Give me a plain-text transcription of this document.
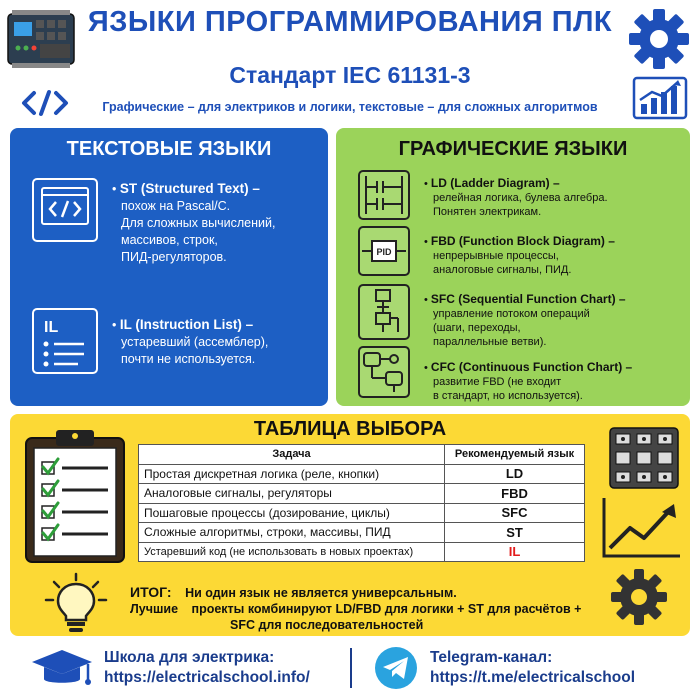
ЯЗЫКИ ПРОГРАММИРОВАНИЯ ПЛК
Стандарт IEC 61131-3
Графические – для электриков и логики, текстовые – для сложных алгоритмов
ТЕКСТОВЫЕ ЯЗЫКИ
• ST (Structured Text) –
похож на Pascal/C.
Для сложных вычислений,
массивов, строк,
ПИД-регуляторов.
IL	• IL (Instruction List) –
устаревший (ассемблер),
почти не используется.
ГРАФИЧЕСКИЕ ЯЗЫКИ
• LD (Ladder Diagram) –
релейная логика, булева алгебра.
Понятен электрикам.
PID
• FBD (Function Block Diagram) –
непрерывные процессы,
аналоговые сигналы, ПИД.
• SFC (Sequential Function Chart) –
управление потоком операций
(шаги, переходы,
параллельные ветви).
• CFC (Continuous Function Chart) –
развитие FBD (не входит
в стандарт, но используется).
ТАБЛИЦА ВЫБОРА
Задача	Рекомендуемый язык
Простая дискретная логика (реле, кнопки)	LD
Аналоговые сигналы, регуляторы	FBD
Пошаговые процессы (дозирование, циклы)	SFC
Сложные алгоритмы, строки, массивы, ПИД	ST
Устаревший код (не использовать в новых проектах)	IL
ИТОГ: Ни один язык не является универсальным.
Лучшие проекты комбинируют LD/FBD для логики + ST для расчётов +
SFC для последовательностей
Школа для электрика:
https://electricalschool.info/
Telegram-канал:
https://t.me/electricalschool
